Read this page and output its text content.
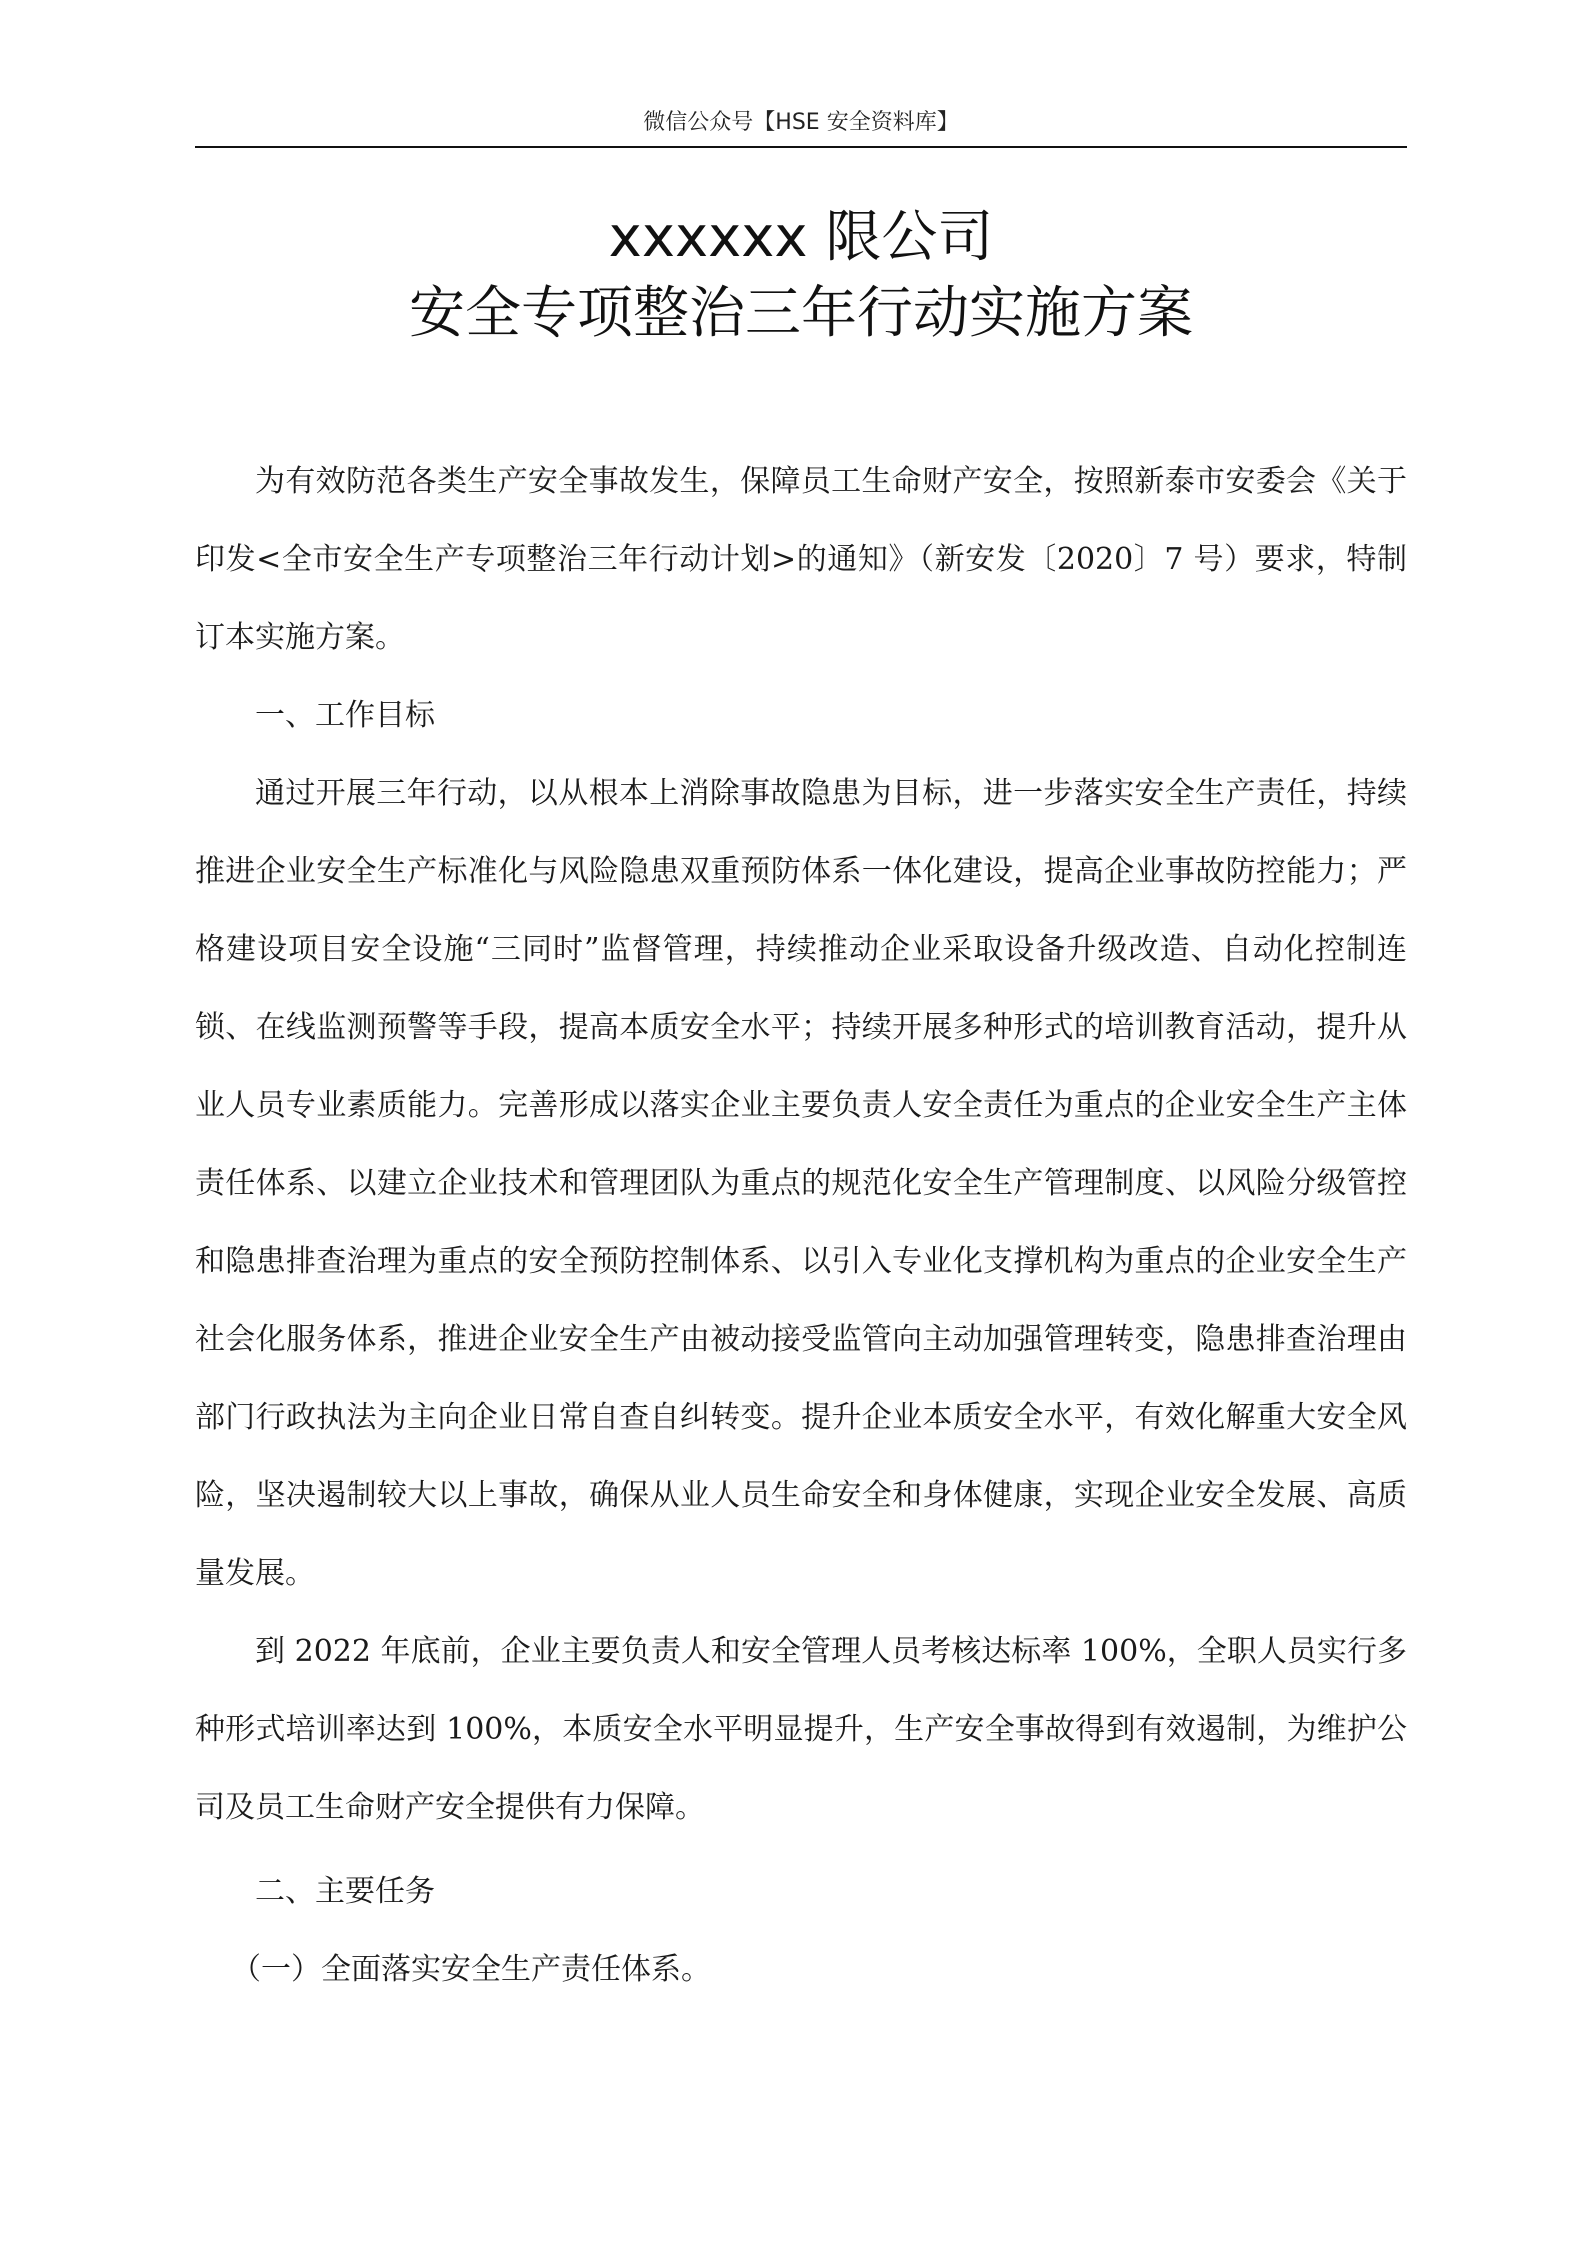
微信公众号【HSE 安全资料库】
xxxxxx 限公司
安全专项整治三年行动实施方案

为有效防范各类生产安全事故发生，保障员工生命财产安全，按照新泰市安委会《关于印发<全市安全生产专项整治三年行动计划>的通知》（新安发〔2020〕7 号）要求，特制订本实施方案。

一、工作目标

通过开展三年行动，以从根本上消除事故隐患为目标，进一步落实安全生产责任，持续推进企业安全生产标准化与风险隐患双重预防体系一体化建设，提高企业事故防控能力；严格建设项目安全设施“三同时”监督管理，持续推动企业采取设备升级改造、自动化控制连锁、在线监测预警等手段，提高本质安全水平；持续开展多种形式的培训教育活动，提升从业人员专业素质能力。完善形成以落实企业主要负责人安全责任为重点的企业安全生产主体责任体系、以建立企业技术和管理团队为重点的规范化安全生产管理制度、以风险分级管控和隐患排查治理为重点的安全预防控制体系、以引入专业化支撑机构为重点的企业安全生产社会化服务体系，推进企业安全生产由被动接受监管向主动加强管理转变，隐患排查治理由部门行政执法为主向企业日常自查自纠转变。提升企业本质安全水平，有效化解重大安全风险，坚决遏制较大以上事故，确保从业人员生命安全和身体健康，实现企业安全发展、高质量发展。

到 2022 年底前，企业主要负责人和安全管理人员考核达标率 100%，全职人员实行多种形式培训率达到 100%，本质安全水平明显提升，生产安全事故得到有效遏制，为维护公司及员工生命财产安全提供有力保障。

二、主要任务

（一）全面落实安全生产责任体系。
